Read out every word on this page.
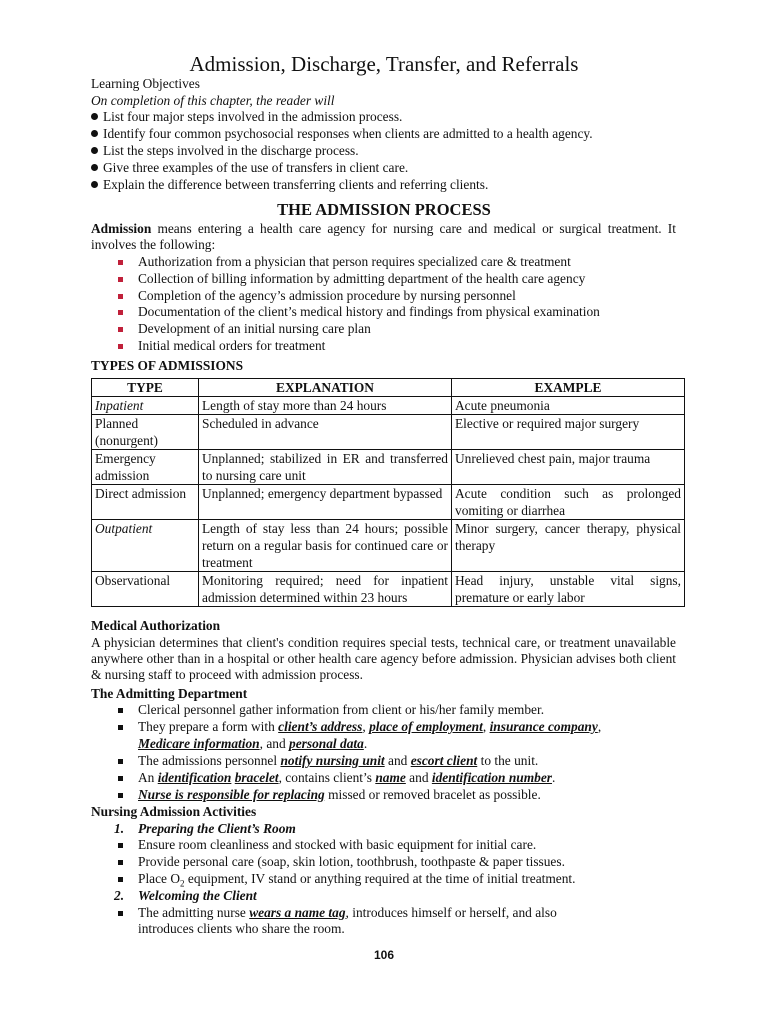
Admission, Discharge, Transfer, and Referrals
Learning Objectives
On completion of this chapter, the reader will
List four major steps involved in the admission process.
Identify four common psychosocial responses when clients are admitted to a health agency.
List the steps involved in the discharge process.
Give three examples of the use of transfers in client care.
Explain the difference between transferring clients and referring clients.
THE ADMISSION PROCESS
Admission means entering a health care agency for nursing care and medical or surgical treatment. It involves the following:
Authorization from a physician that person requires specialized care & treatment
Collection of billing information by admitting department of the health care agency
Completion of the agency’s admission procedure by nursing personnel
Documentation of the client’s medical history and findings from physical examination
Development of an initial nursing care plan
Initial medical orders for treatment
TYPES OF ADMISSIONS
TYPE	EXPLANATION	EXAMPLE
Inpatient	Length of stay more than 24 hours	Acute pneumonia
Planned (nonurgent)	Scheduled in advance	Elective or required major surgery
Emergency admission	Unplanned; stabilized in ER and transferred to nursing care unit	Unrelieved chest pain, major trauma
Direct admission	Unplanned; emergency department bypassed	Acute condition such as prolonged vomiting or diarrhea
Outpatient	Length of stay less than 24 hours; possible return on a regular basis for continued care or treatment	Minor surgery, cancer therapy, physical therapy
Observational	Monitoring required; need for inpatient admission determined within 23 hours	Head injury, unstable vital signs, premature or early labor
Medical Authorization
A physician determines that client's condition requires special tests, technical care, or treatment unavailable anywhere other than in a hospital or other health care agency before admission. Physician advises both client & nursing staff to proceed with admission process.
The Admitting Department
Clerical personnel gather information from client or his/her family member.
They prepare a form with client’s address, place of employment, insurance company,
Medicare information, and personal data.
The admissions personnel notify nursing unit and escort client to the unit.
An identification bracelet, contains client’s name and identification number.
Nurse is responsible for replacing missed or removed bracelet as possible.
Nursing Admission Activities
1. Preparing the Client’s Room
Ensure room cleanliness and stocked with basic equipment for initial care.
Provide personal care (soap, skin lotion, toothbrush, toothpaste & paper tissues.
Place $O_2$ equipment, IV stand or anything required at the time of initial treatment.
2. Welcoming the Client
The admitting nurse wears a name tag, introduces himself or herself, and also
introduces clients who share the room.
106
